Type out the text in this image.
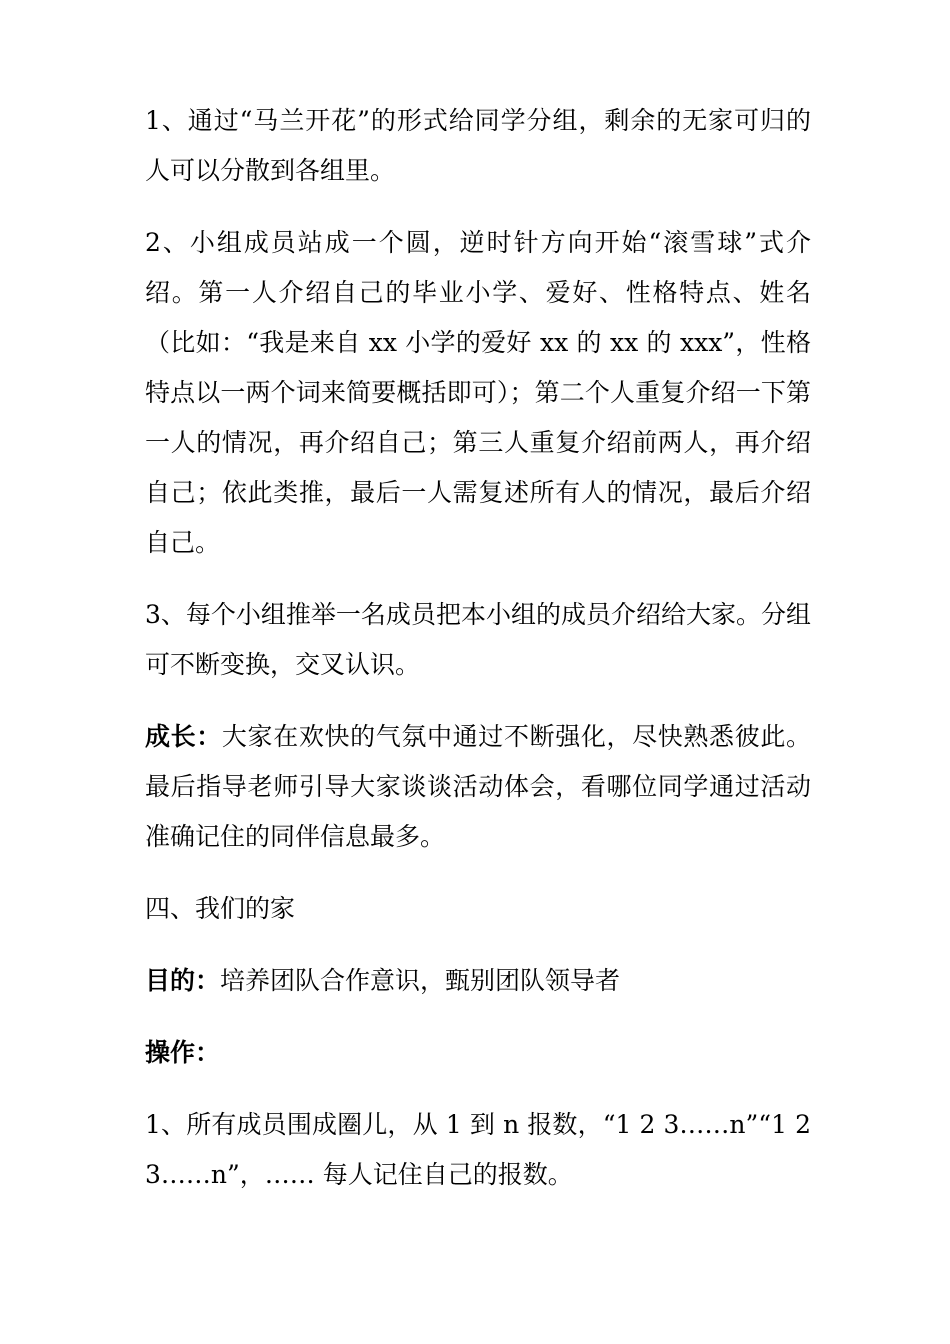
1、通过“马兰开花”的形式给同学分组，剩余的无家可归的人可以分散到各组里。

2、小组成员站成一个圆，逆时针方向开始“滚雪球”式介绍。第一人介绍自己的毕业小学、爱好、性格特点、姓名（比如：“我是来自 xx 小学的爱好 xx 的 xx 的 xxx”，性格特点以一两个词来简要概括即可）；第二个人重复介绍一下第一人的情况，再介绍自己；第三人重复介绍前两人，再介绍自己；依此类推，最后一人需复述所有人的情况，最后介绍自己。

3、每个小组推举一名成员把本小组的成员介绍给大家。分组可不断变换，交叉认识。

成长：大家在欢快的气氛中通过不断强化，尽快熟悉彼此。最后指导老师引导大家谈谈活动体会，看哪位同学通过活动准确记住的同伴信息最多。

四、我们的家

目的：培养团队合作意识，甄别团队领导者

操作：

1、所有成员围成圈儿，从 1 到 n 报数，“1 2 3……n”“1 2 3……n”，…… 每人记住自己的报数。
